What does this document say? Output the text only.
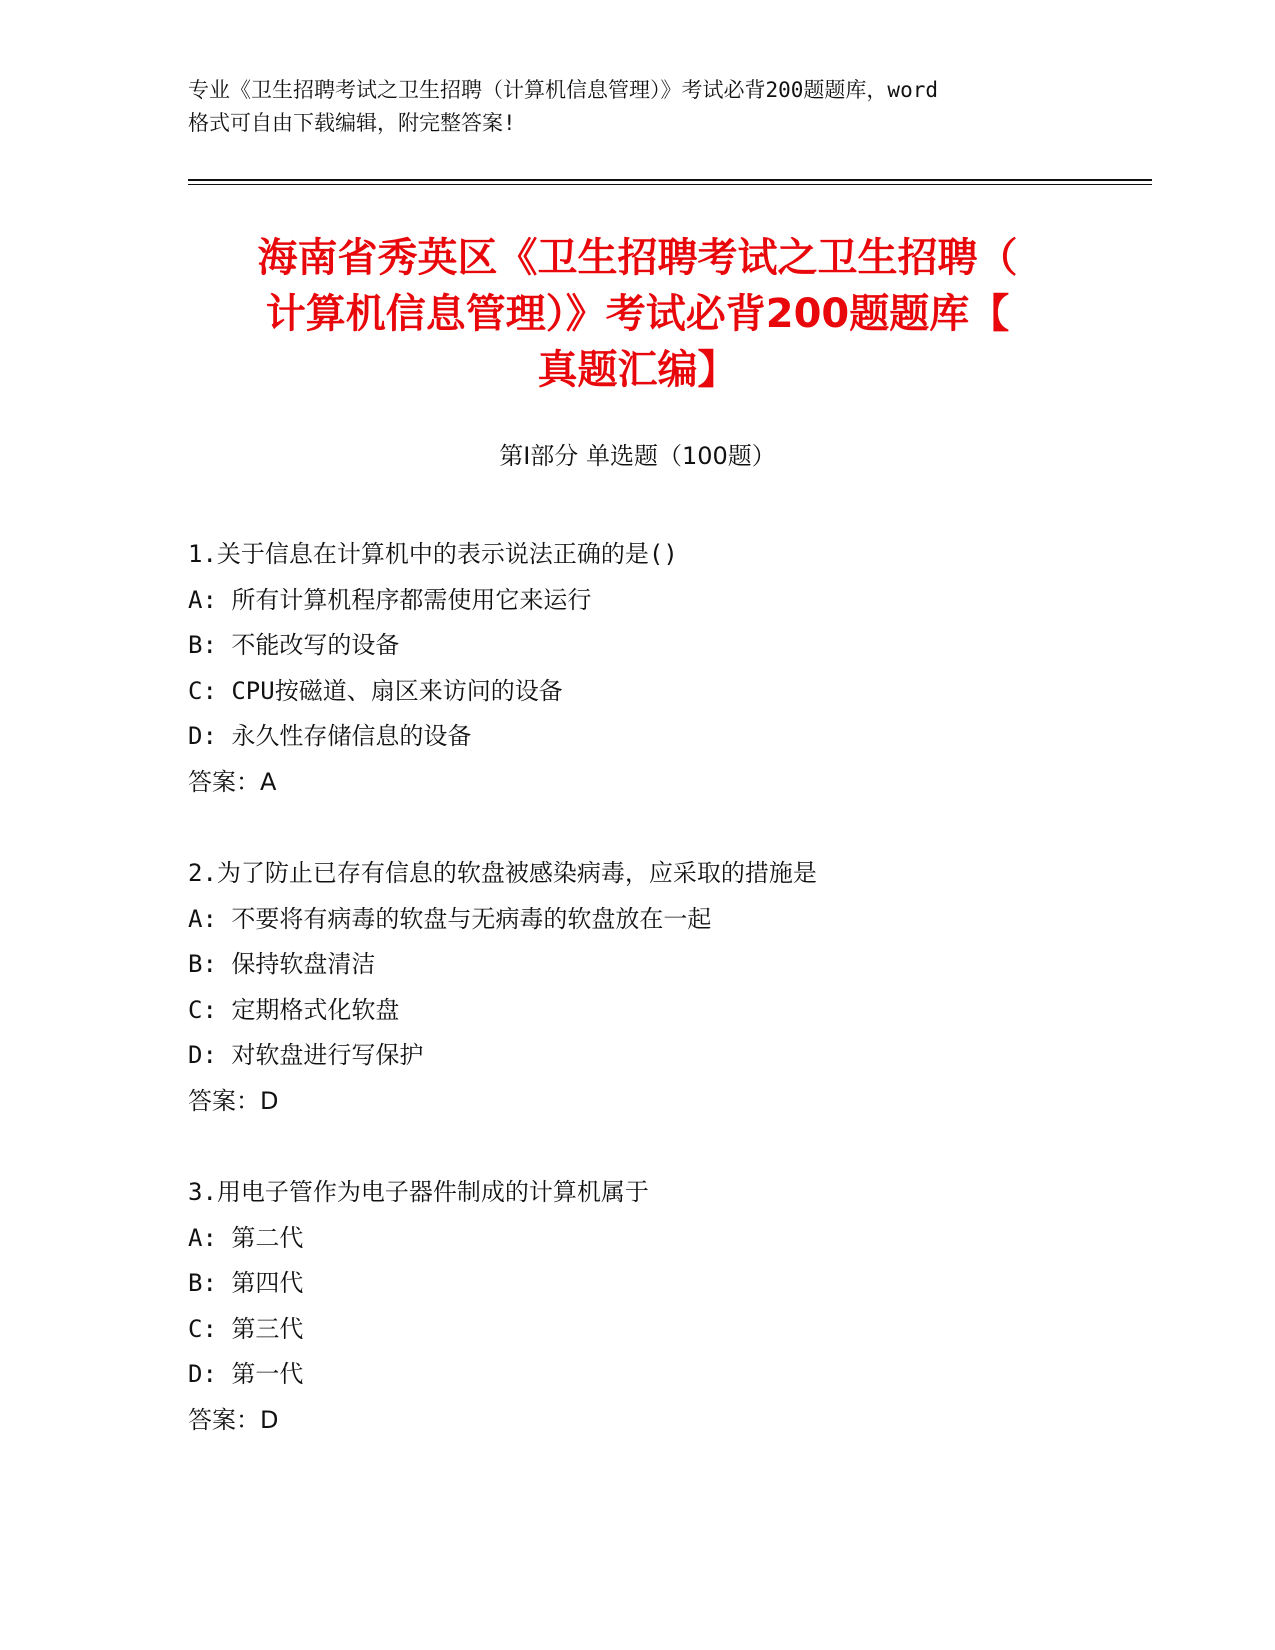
专业《卫生招聘考试之卫生招聘（计算机信息管理）》考试必背200题题库，word
格式可自由下载编辑，附完整答案!
海南省秀英区《卫生招聘考试之卫生招聘（
计算机信息管理）》考试必背200题题库【
真题汇编】
第I部分 单选题（100题）
1.关于信息在计算机中的表示说法正确的是()
A: 所有计算机程序都需使用它来运行
B: 不能改写的设备
C: CPU按磁道、扇区来访问的设备
D: 永久性存储信息的设备
答案：A
2.为了防止已存有信息的软盘被感染病毒，应采取的措施是
A: 不要将有病毒的软盘与无病毒的软盘放在一起
B: 保持软盘清洁
C: 定期格式化软盘
D: 对软盘进行写保护
答案：D
3.用电子管作为电子器件制成的计算机属于
A: 第二代
B: 第四代
C: 第三代
D: 第一代
答案：D
